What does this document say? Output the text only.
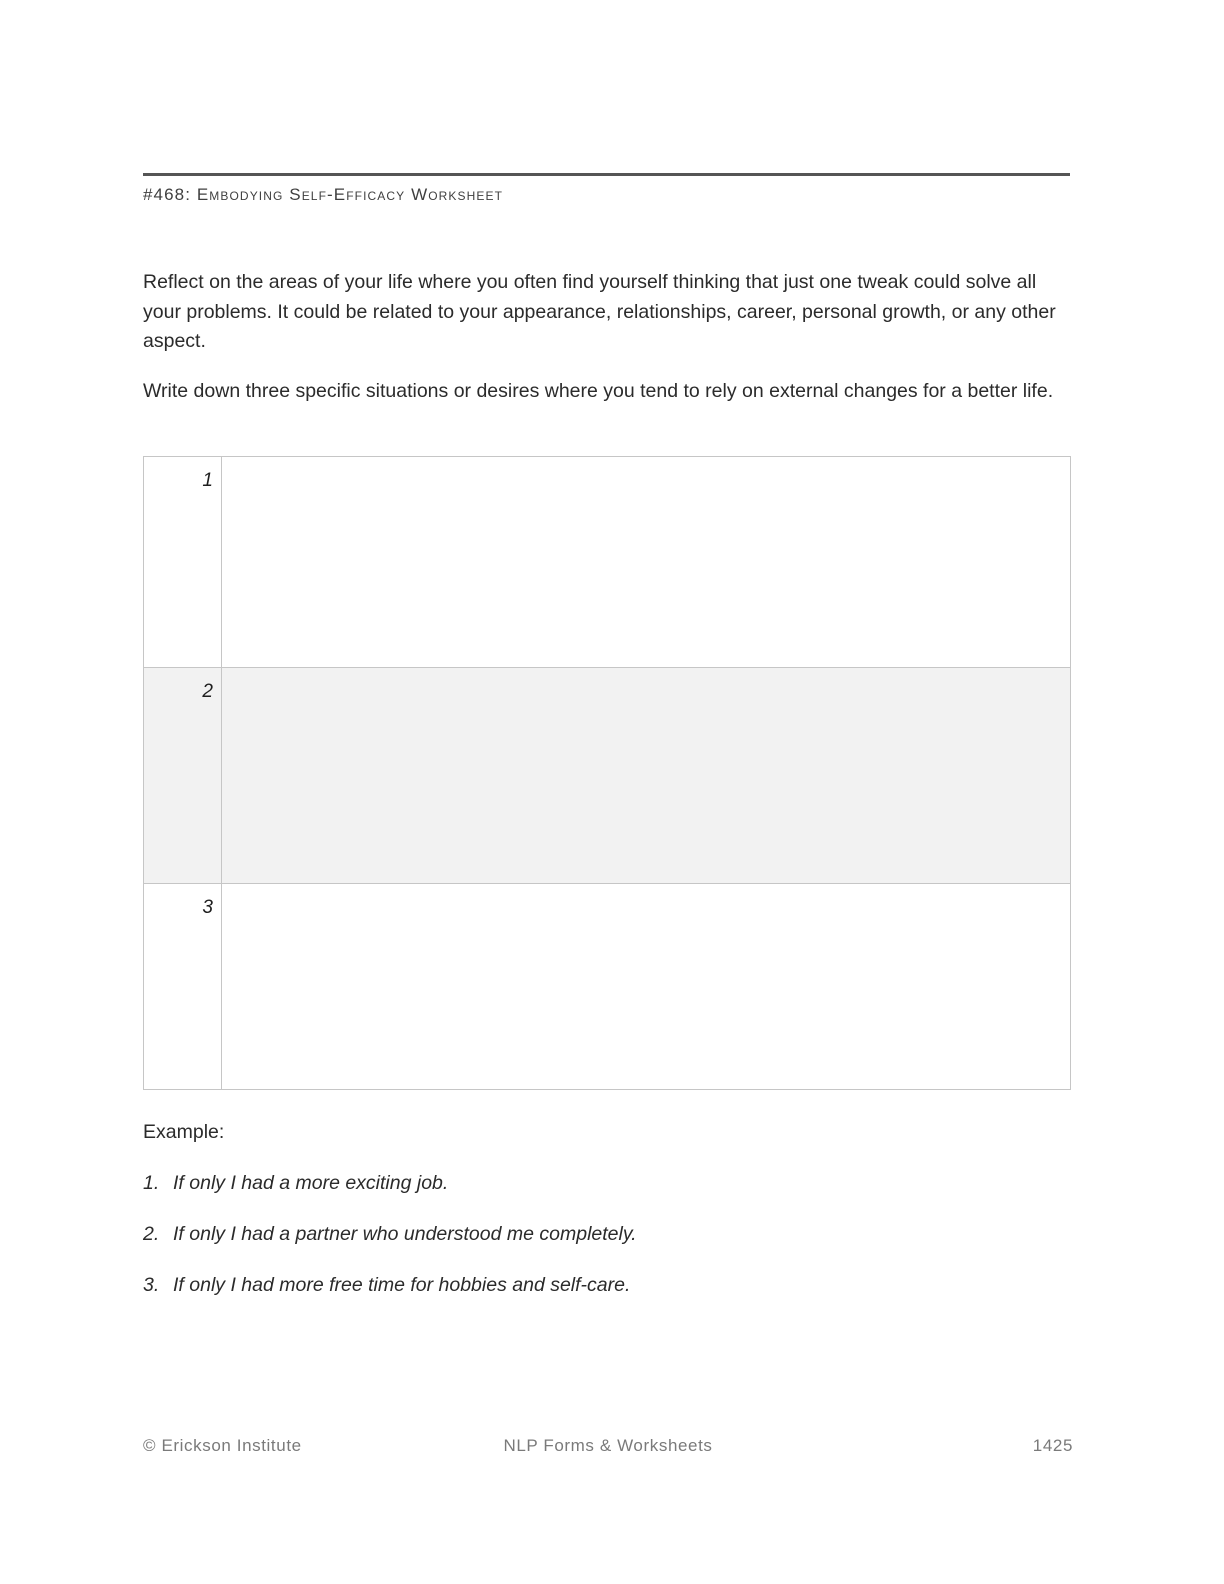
#468: Embodying Self-Efficacy Worksheet
Reflect on the areas of your life where you often find yourself thinking that just one tweak could solve all your problems. It could be related to your appearance, relationships, career, personal growth, or any other aspect.
Write down three specific situations or desires where you tend to rely on external changes for a better life.
1	
2	
3	
Example:
1. If only I had a more exciting job.
2. If only I had a partner who understood me completely.
3. If only I had more free time for hobbies and self-care.
© Erickson Institute	NLP Forms & Worksheets	1425
